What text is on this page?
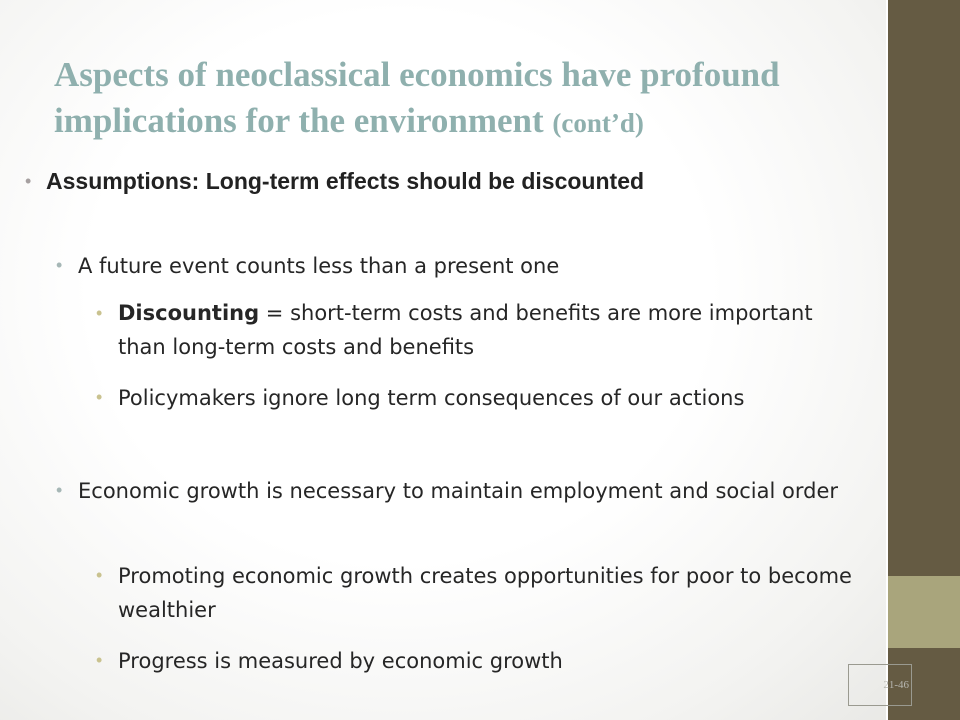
Aspects of neoclassical economics have profound implications for the environment (cont’d)
• Assumptions: Long-term effects should be discounted

• A future event counts less than a present one

• Discounting = short-term costs and benefits are more important than long-term costs and benefits

• Policymakers ignore long term consequences of our actions

• Economic growth is necessary to maintain employment and social order

• Promoting economic growth creates opportunities for poor to become wealthier

• Progress is measured by economic growth

21-46
